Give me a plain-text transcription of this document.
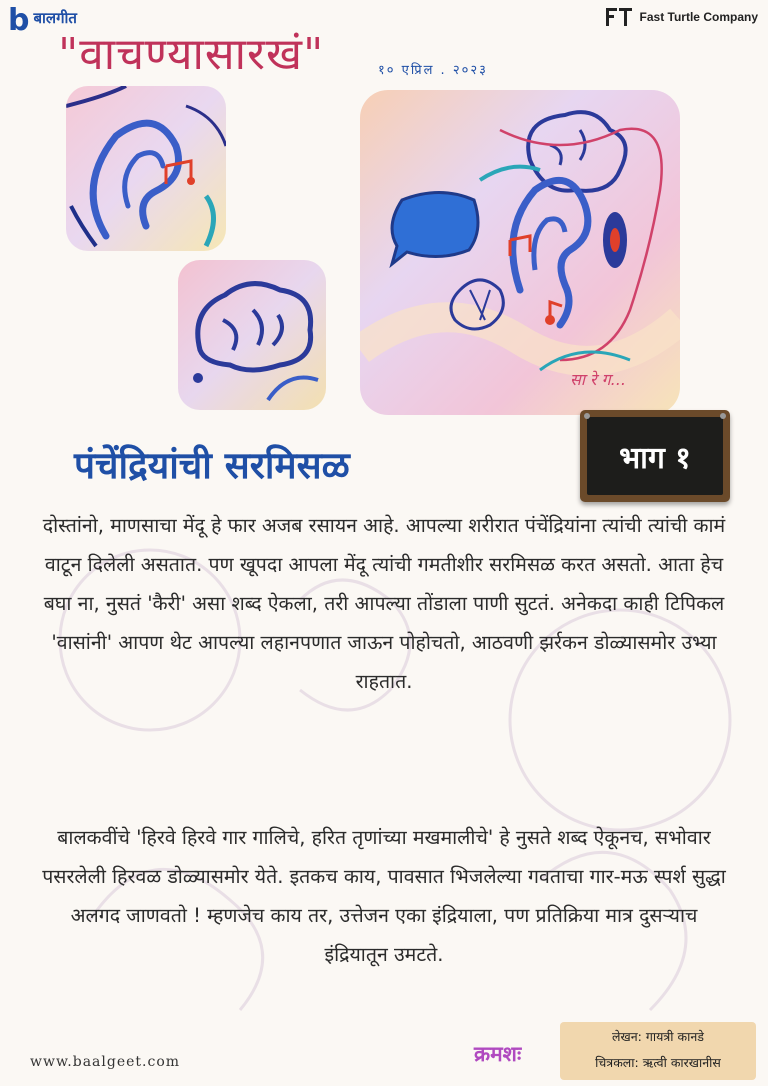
b बालगीत	Fast Turtle Company
"वाचण्यासारखं"	१० एप्रिल . २०२३
सा रे ग...
पंचेंद्रियांची सरमिसळ	भाग १

दोस्तांनो, माणसाचा मेंदू हे फार अजब रसायन आहे. आपल्या शरीरात पंचेंद्रियांना त्यांची त्यांची कामं वाटून दिलेली असतात. पण खूपदा आपला मेंदू त्यांची गमतीशीर सरमिसळ करत असतो. आता हेच बघा ना, नुसतं 'कैरी' असा शब्द ऐकला, तरी आपल्या तोंडाला पाणी सुटतं. अनेकदा काही टिपिकल 'वासांनी' आपण थेट आपल्या लहानपणात जाऊन पोहोचतो, आठवणी झर्रकन डोळ्यासमोर उभ्या राहतात.

बालकवींचे 'हिरवे हिरवे गार गालिचे, हरित तृणांच्या मखमालीचे' हे नुसते शब्द ऐकूनच, सभोवार पसरलेली हिरवळ डोळ्यासमोर येते. इतकच काय, पावसात भिजलेल्या गवताचा गार-मऊ स्पर्श सुद्धा अलगद जाणवतो ! म्हणजेच काय तर, उत्तेजन एका इंद्रियाला, पण प्रतिक्रिया मात्र दुसऱ्याच इंद्रियातून उमटते.

www.baalgeet.com	क्रमशः
लेखन: गायत्री कानडे
चित्रकला: ऋत्वी कारखानीस
